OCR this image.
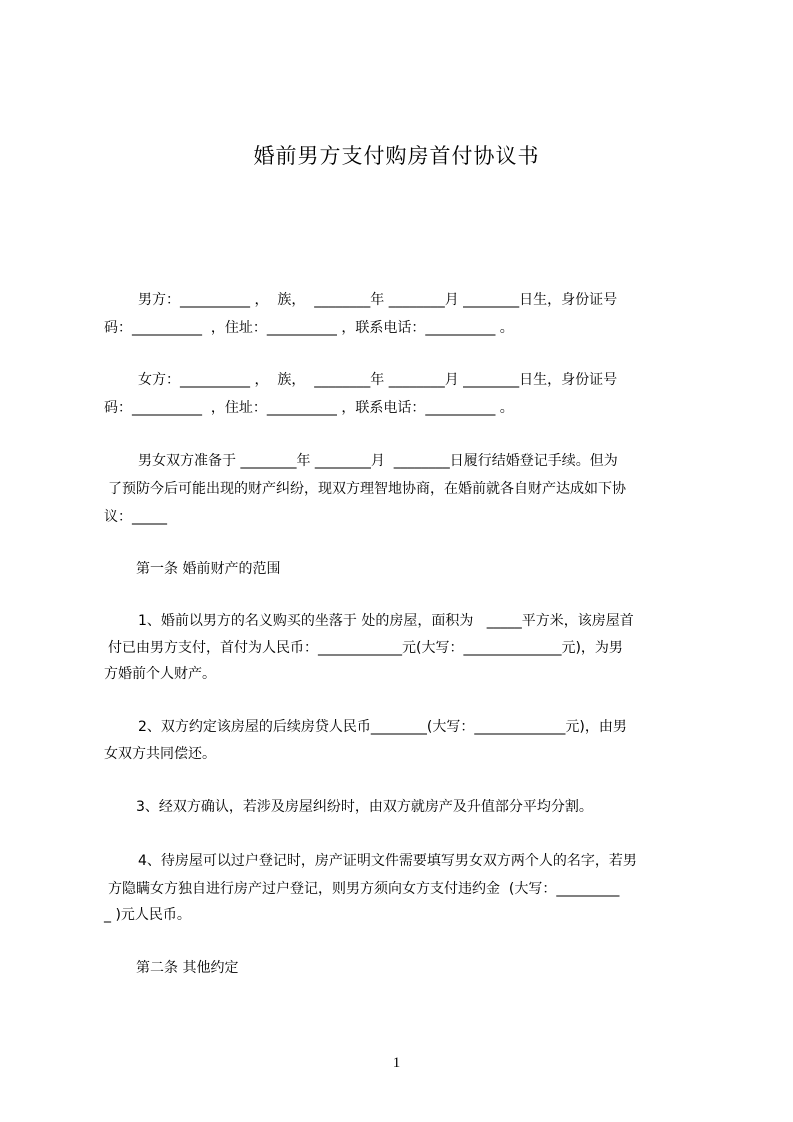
婚前男方支付购房首付协议书
男方：__________ ，  族，  ________年 ________月 ________日生，身份证号
码：__________  ，住址：__________ ，联系电话：__________ 。
女方：__________ ，  族，  ________年 ________月 ________日生，身份证号
码：__________  ，住址：__________ ，联系电话：__________ 。
男女双方准备于 ________年 ________月  ________日履行结婚登记手续。但为
了预防今后可能出现的财产纠纷，现双方理智地协商，在婚前就各自财产达成如下协
议：_____
第一条 婚前财产的范围
1、婚前以男方的名义购买的坐落于 处的房屋，面积为   _____平方米，该房屋首
付已由男方支付，首付为人民币：____________元(大写：______________元)，为男
方婚前个人财产。
2、双方约定该房屋的后续房贷人民币________(大写：_____________元)，由男
女双方共同偿还。
3、经双方确认，若涉及房屋纠纷时，由双方就房产及升值部分平均分割。
4、待房屋可以过户登记时，房产证明文件需要填写男女双方两个人的名字，若男
方隐瞒女方独自进行房产过户登记，则男方须向女方支付违约金  (大写：_________
_ )元人民币。
第二条 其他约定
1
